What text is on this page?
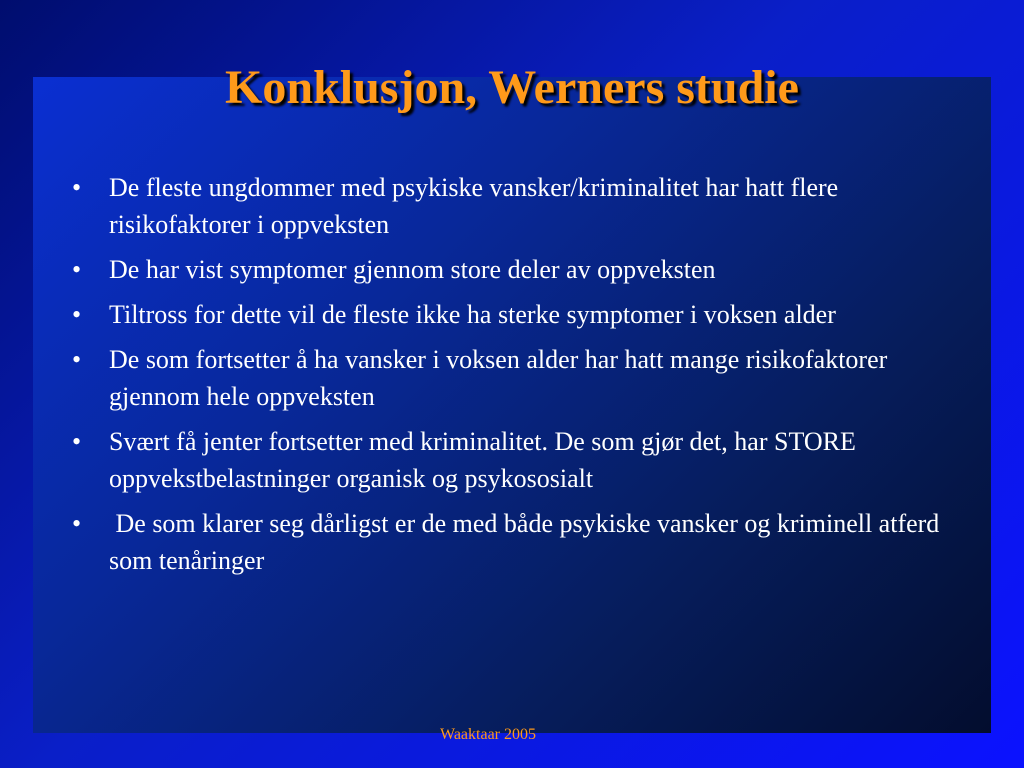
Konklusjon, Werners studie
•	De fleste ungdommer med psykiske vansker/kriminalitet har hatt flere risikofaktorer i oppveksten
•	De har vist symptomer gjennom store deler av oppveksten
•	Tiltross for dette vil de fleste ikke ha sterke symptomer i voksen alder
•	De som fortsetter å ha vansker i voksen alder har hatt mange risikofaktorer gjennom hele oppveksten
•	Svært få jenter fortsetter med kriminalitet. De som gjør det, har STORE oppvekstbelastninger organisk og psykososialt
•	De som klarer seg dårligst er de med både psykiske vansker og kriminell atferd som tenåringer
Waaktaar 2005
